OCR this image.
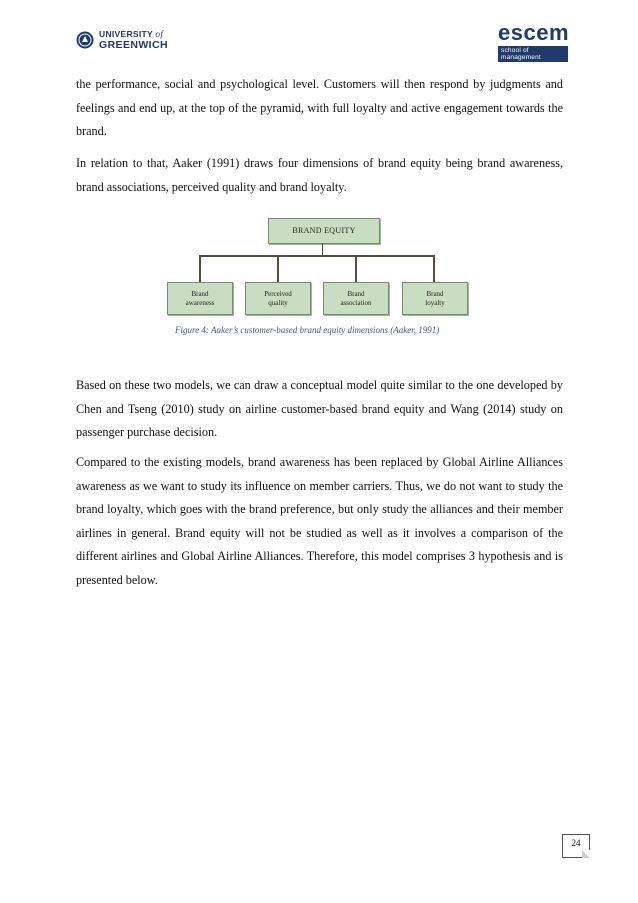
UNIVERSITY of
GREENWICH	escem
school of management

the performance, social and psychological level. Customers will then respond by judgments and feelings and end up, at the top of the pyramid, with full loyalty and active engagement towards the brand.

In relation to that, Aaker (1991) draws four dimensions of brand equity being brand awareness, brand associations, perceived quality and brand loyalty.

BRAND EQUITY
Brand
awareness
Perceived
quality
Brand
association
Brand
loyalty
Figure 4: Aaker’s customer-based brand equity dimensions (Aaker, 1991)

Based on these two models, we can draw a conceptual model quite similar to the one developed by Chen and Tseng (2010) study on airline customer-based brand equity and Wang (2014) study on passenger purchase decision.

Compared to the existing models, brand awareness has been replaced by Global Airline Alliances awareness as we want to study its influence on member carriers. Thus, we do not want to study the brand loyalty, which goes with the brand preference, but only study the alliances and their member airlines in general. Brand equity will not be studied as well as it involves a comparison of the different airlines and Global Airline Alliances. Therefore, this model comprises 3 hypothesis and is presented below.

24
